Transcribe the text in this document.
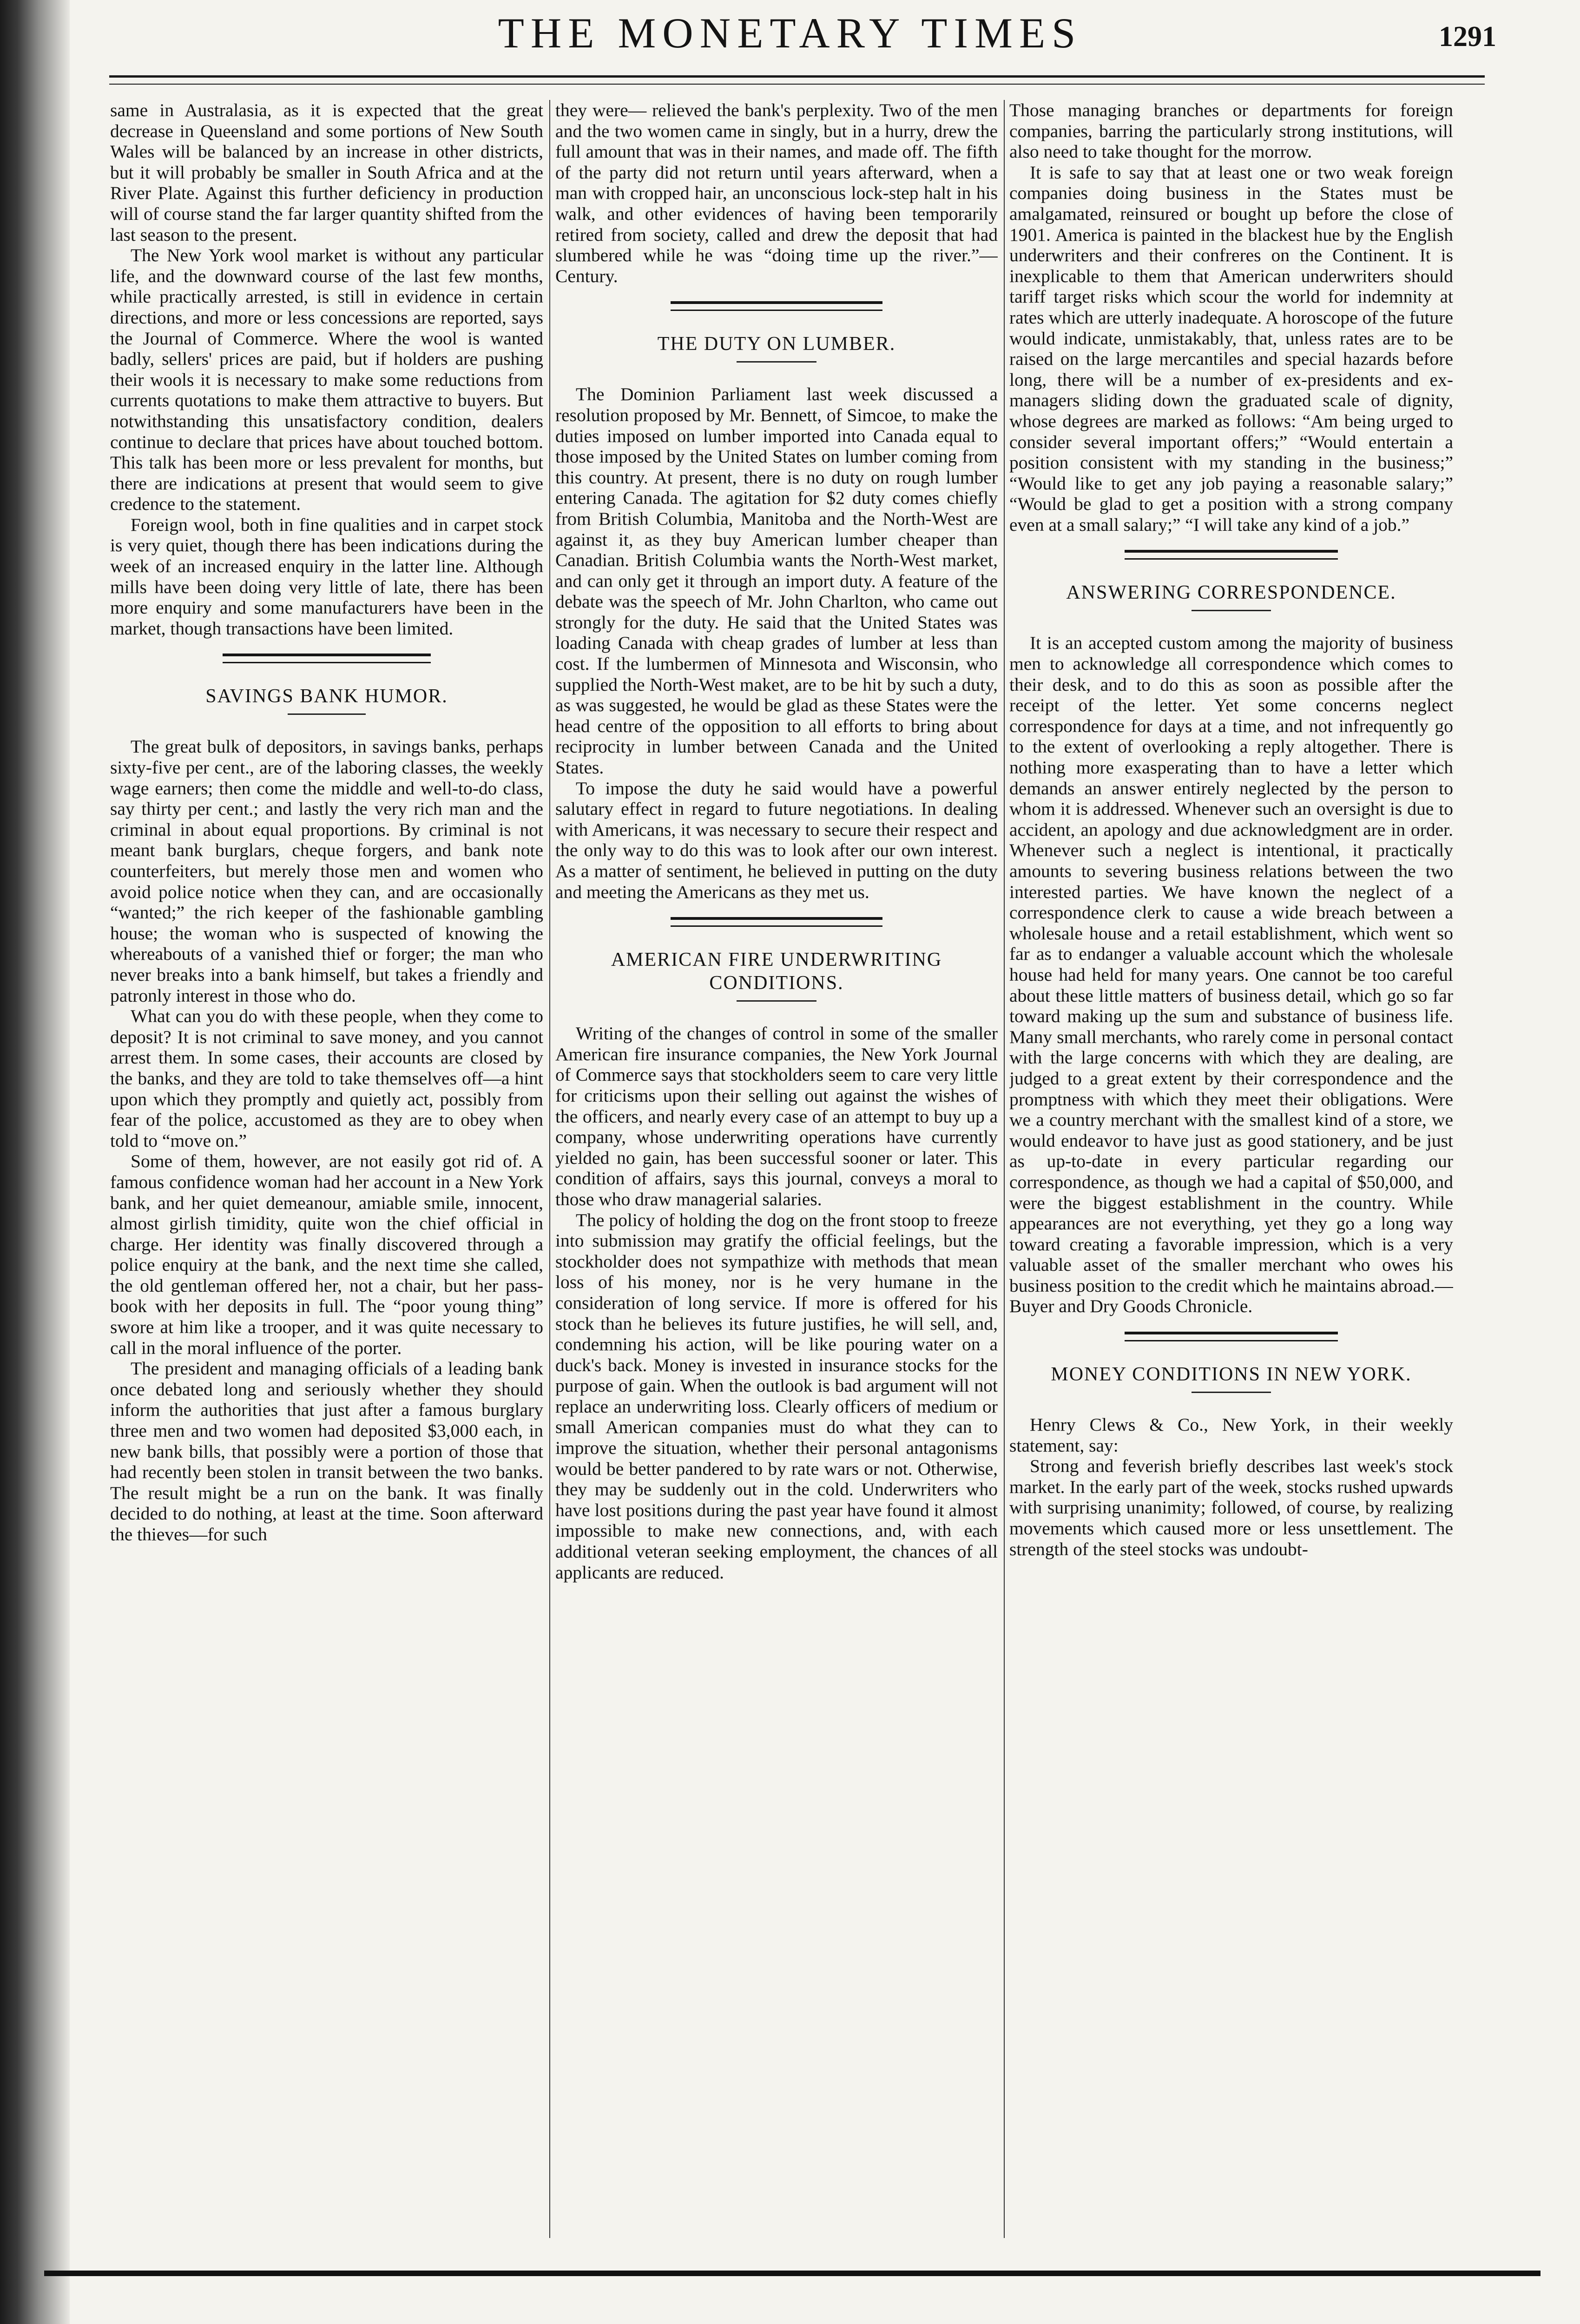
THE MONETARY TIMES	1291

same in Australasia, as it is expected that the great decrease in Queensland and some portions of New South Wales will be balanced by an increase in other districts, but it will probably be smaller in South Africa and at the River Plate. Against this further deficiency in production will of course stand the far larger quantity shifted from the last season to the present.

The New York wool market is without any particular life, and the downward course of the last few months, while practically arrested, is still in evidence in certain directions, and more or less concessions are reported, says the Journal of Commerce. Where the wool is wanted badly, sellers' prices are paid, but if holders are pushing their wools it is necessary to make some reductions from currents quotations to make them attractive to buyers. But notwithstanding this unsatisfactory condition, dealers continue to declare that prices have about touched bottom. This talk has been more or less prevalent for months, but there are indications at present that would seem to give credence to the statement.

Foreign wool, both in fine qualities and in carpet stock is very quiet, though there has been indications during the week of an increased enquiry in the latter line. Although mills have been doing very little of late, there has been more enquiry and some manufacturers have been in the market, though transactions have been limited.

SAVINGS BANK HUMOR.

The great bulk of depositors, in savings banks, perhaps sixty-five per cent., are of the laboring classes, the weekly wage earners; then come the middle and well-to-do class, say thirty per cent.; and lastly the very rich man and the criminal in about equal proportions. By criminal is not meant bank burglars, cheque forgers, and bank note counterfeiters, but merely those men and women who avoid police notice when they can, and are occasionally “wanted;” the rich keeper of the fashionable gambling house; the woman who is suspected of knowing the whereabouts of a vanished thief or forger; the man who never breaks into a bank himself, but takes a friendly and patronly interest in those who do.

What can you do with these people, when they come to deposit? It is not criminal to save money, and you cannot arrest them. In some cases, their accounts are closed by the banks, and they are told to take themselves off—a hint upon which they promptly and quietly act, possibly from fear of the police, accustomed as they are to obey when told to “move on.”

Some of them, however, are not easily got rid of. A famous confidence woman had her account in a New York bank, and her quiet demeanour, amiable smile, innocent, almost girlish timidity, quite won the chief official in charge. Her identity was finally discovered through a police enquiry at the bank, and the next time she called, the old gentleman offered her, not a chair, but her pass-book with her deposits in full. The “poor young thing” swore at him like a trooper, and it was quite necessary to call in the moral influence of the porter.

The president and managing officials of a leading bank once debated long and seriously whether they should inform the authorities that just after a famous burglary three men and two women had deposited $3,000 each, in new bank bills, that possibly were a portion of those that had recently been stolen in transit between the two banks. The result might be a run on the bank. It was finally decided to do nothing, at least at the time. Soon afterward the thieves—for such

they were— relieved the bank's perplexity. Two of the men and the two women came in singly, but in a hurry, drew the full amount that was in their names, and made off. The fifth of the party did not return until years afterward, when a man with cropped hair, an unconscious lock-step halt in his walk, and other evidences of having been temporarily retired from society, called and drew the deposit that had slumbered while he was “doing time up the river.”—Century.

THE DUTY ON LUMBER.

The Dominion Parliament last week discussed a resolution proposed by Mr. Bennett, of Simcoe, to make the duties imposed on lumber imported into Canada equal to those imposed by the United States on lumber coming from this country. At present, there is no duty on rough lumber entering Canada. The agitation for $2 duty comes chiefly from British Columbia, Manitoba and the North-West are against it, as they buy American lumber cheaper than Canadian. British Columbia wants the North-West market, and can only get it through an import duty. A feature of the debate was the speech of Mr. John Charlton, who came out strongly for the duty. He said that the United States was loading Canada with cheap grades of lumber at less than cost. If the lumbermen of Minnesota and Wisconsin, who supplied the North-West maket, are to be hit by such a duty, as was suggested, he would be glad as these States were the head centre of the opposition to all efforts to bring about reciprocity in lumber between Canada and the United States.

To impose the duty he said would have a powerful salutary effect in regard to future negotiations. In dealing with Americans, it was necessary to secure their respect and the only way to do this was to look after our own interest. As a matter of sentiment, he believed in putting on the duty and meeting the Americans as they met us.

AMERICAN FIRE UNDERWRITING CONDITIONS.

Writing of the changes of control in some of the smaller American fire insurance companies, the New York Journal of Commerce says that stockholders seem to care very little for criticisms upon their selling out against the wishes of the officers, and nearly every case of an attempt to buy up a company, whose underwriting operations have currently yielded no gain, has been successful sooner or later. This condition of affairs, says this journal, conveys a moral to those who draw managerial salaries.

The policy of holding the dog on the front stoop to freeze into submission may gratify the official feelings, but the stockholder does not sympathize with methods that mean loss of his money, nor is he very humane in the consideration of long service. If more is offered for his stock than he believes its future justifies, he will sell, and, condemning his action, will be like pouring water on a duck's back. Money is invested in insurance stocks for the purpose of gain. When the outlook is bad argument will not replace an underwriting loss. Clearly officers of medium or small American companies must do what they can to improve the situation, whether their personal antagonisms would be better pandered to by rate wars or not. Otherwise, they may be suddenly out in the cold. Underwriters who have lost positions during the past year have found it almost impossible to make new connections, and, with each additional veteran seeking employment, the chances of all applicants are reduced.

Those managing branches or departments for foreign companies, barring the particularly strong institutions, will also need to take thought for the morrow.

It is safe to say that at least one or two weak foreign companies doing business in the States must be amalgamated, reinsured or bought up before the close of 1901. America is painted in the blackest hue by the English underwriters and their confreres on the Continent. It is inexplicable to them that American underwriters should tariff target risks which scour the world for indemnity at rates which are utterly inadequate. A horoscope of the future would indicate, unmistakably, that, unless rates are to be raised on the large mercantiles and special hazards before long, there will be a number of ex-presidents and ex-managers sliding down the graduated scale of dignity, whose degrees are marked as follows: “Am being urged to consider several important offers;” “Would entertain a position consistent with my standing in the business;” “Would like to get any job paying a reasonable salary;” “Would be glad to get a position with a strong company even at a small salary;” “I will take any kind of a job.”

ANSWERING CORRESPONDENCE.

It is an accepted custom among the majority of business men to acknowledge all correspondence which comes to their desk, and to do this as soon as possible after the receipt of the letter. Yet some concerns neglect correspondence for days at a time, and not infrequently go to the extent of overlooking a reply altogether. There is nothing more exasperating than to have a letter which demands an answer entirely neglected by the person to whom it is addressed. Whenever such an oversight is due to accident, an apology and due acknowledgment are in order. Whenever such a neglect is intentional, it practically amounts to severing business relations between the two interested parties. We have known the neglect of a correspondence clerk to cause a wide breach between a wholesale house and a retail establishment, which went so far as to endanger a valuable account which the wholesale house had held for many years. One cannot be too careful about these little matters of business detail, which go so far toward making up the sum and substance of business life. Many small merchants, who rarely come in personal contact with the large concerns with which they are dealing, are judged to a great extent by their correspondence and the promptness with which they meet their obligations. Were we a country merchant with the smallest kind of a store, we would endeavor to have just as good stationery, and be just as up-to-date in every particular regarding our correspondence, as though we had a capital of $50,000, and were the biggest establishment in the country. While appearances are not everything, yet they go a long way toward creating a favorable impression, which is a very valuable asset of the smaller merchant who owes his business position to the credit which he maintains abroad.—Buyer and Dry Goods Chronicle.

MONEY CONDITIONS IN NEW YORK.

Henry Clews & Co., New York, in their weekly statement, say:

Strong and feverish briefly describes last week's stock market. In the early part of the week, stocks rushed upwards with surprising unanimity; followed, of course, by realizing movements which caused more or less unsettlement. The strength of the steel stocks was undoubt-
